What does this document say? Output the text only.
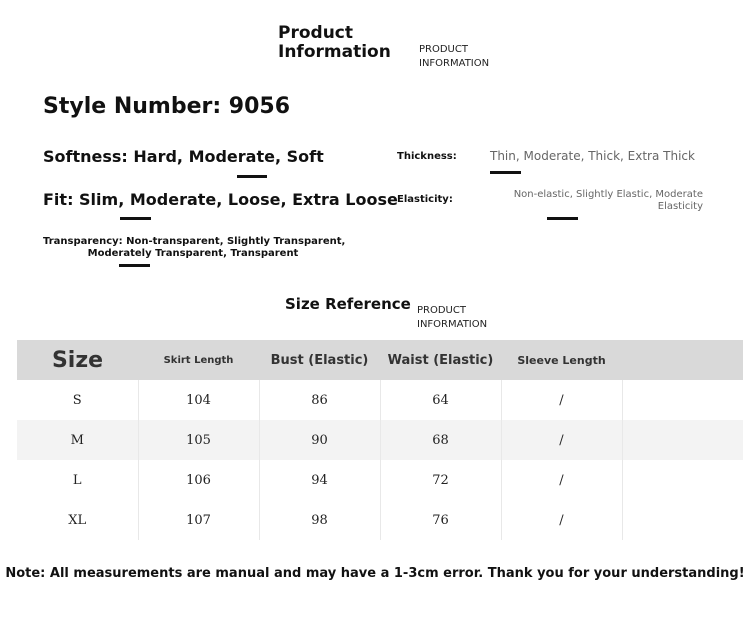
Product
Information	PRODUCT
INFORMATION
Style Number: 9056
Softness: Hard, Moderate, Soft
Fit: Slim, Moderate, Loose, Extra Loose
Transparency: Non-transparent, Slightly Transparent,
Moderately Transparent, Transparent
Thickness:	Thin, Moderate, Thick, Extra Thick
Elasticity:	Non-elastic, Slightly Elastic, Moderate
Elasticity
Size Reference PRODUCT
INFORMATION
Size	Skirt Length	Bust (Elastic)	Waist (Elastic)	Sleeve Length	
S	104	86	64	/	
M	105	90	68	/	
L	106	94	72	/	
XL	107	98	76	/	
Note: All measurements are manual and may have a 1-3cm error. Thank you for your understanding!
